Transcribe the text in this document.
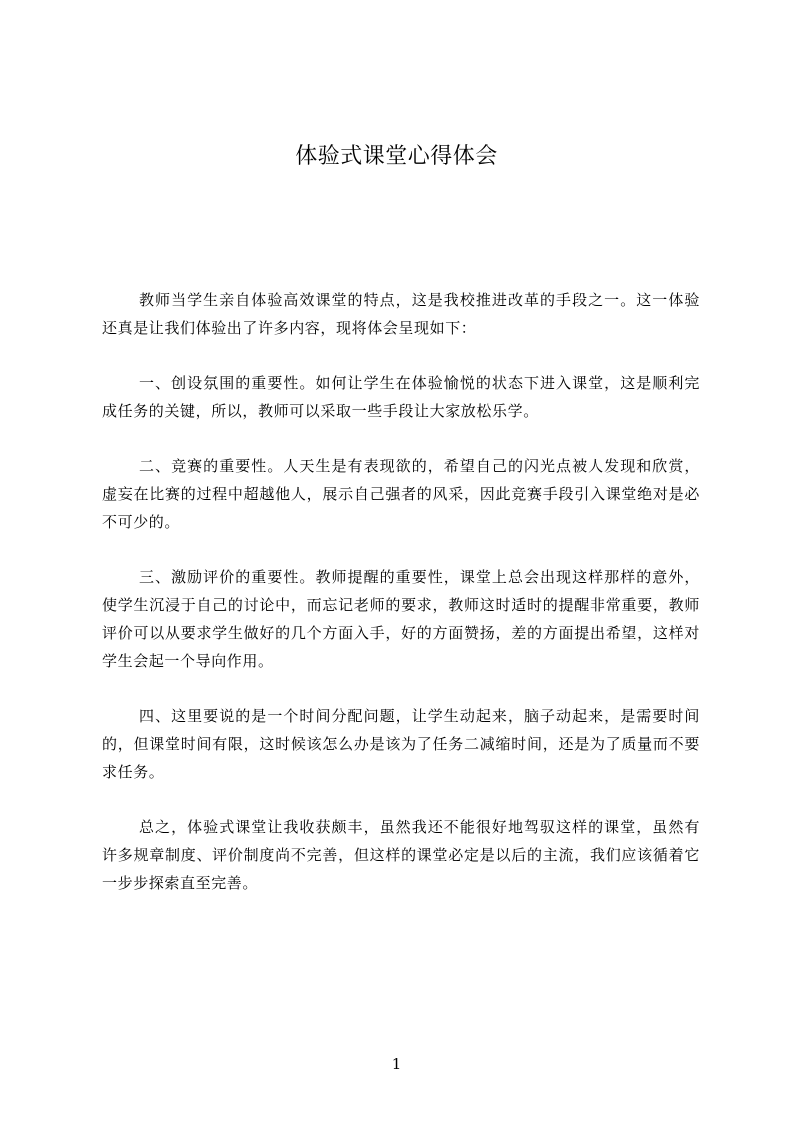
体验式课堂心得体会

教师当学生亲自体验高效课堂的特点，这是我校推进改革的手段之一。这一体验还真是让我们体验出了许多内容，现将体会呈现如下：

一、创设氛围的重要性。如何让学生在体验愉悦的状态下进入课堂，这是顺利完成任务的关键，所以，教师可以采取一些手段让大家放松乐学。

二、竞赛的重要性。人天生是有表现欲的，希望自己的闪光点被人发现和欣赏，虚妄在比赛的过程中超越他人，展示自己强者的风采，因此竞赛手段引入课堂绝对是必不可少的。

三、激励评价的重要性。教师提醒的重要性，课堂上总会出现这样那样的意外，使学生沉浸于自己的讨论中，而忘记老师的要求，教师这时适时的提醒非常重要，教师评价可以从要求学生做好的几个方面入手，好的方面赞扬，差的方面提出希望，这样对学生会起一个导向作用。

四、这里要说的是一个时间分配问题，让学生动起来，脑子动起来，是需要时间的，但课堂时间有限，这时候该怎么办是该为了任务二减缩时间，还是为了质量而不要求任务。

总之，体验式课堂让我收获颇丰，虽然我还不能很好地驾驭这样的课堂，虽然有许多规章制度、评价制度尚不完善，但这样的课堂必定是以后的主流，我们应该循着它一步步探索直至完善。

1
